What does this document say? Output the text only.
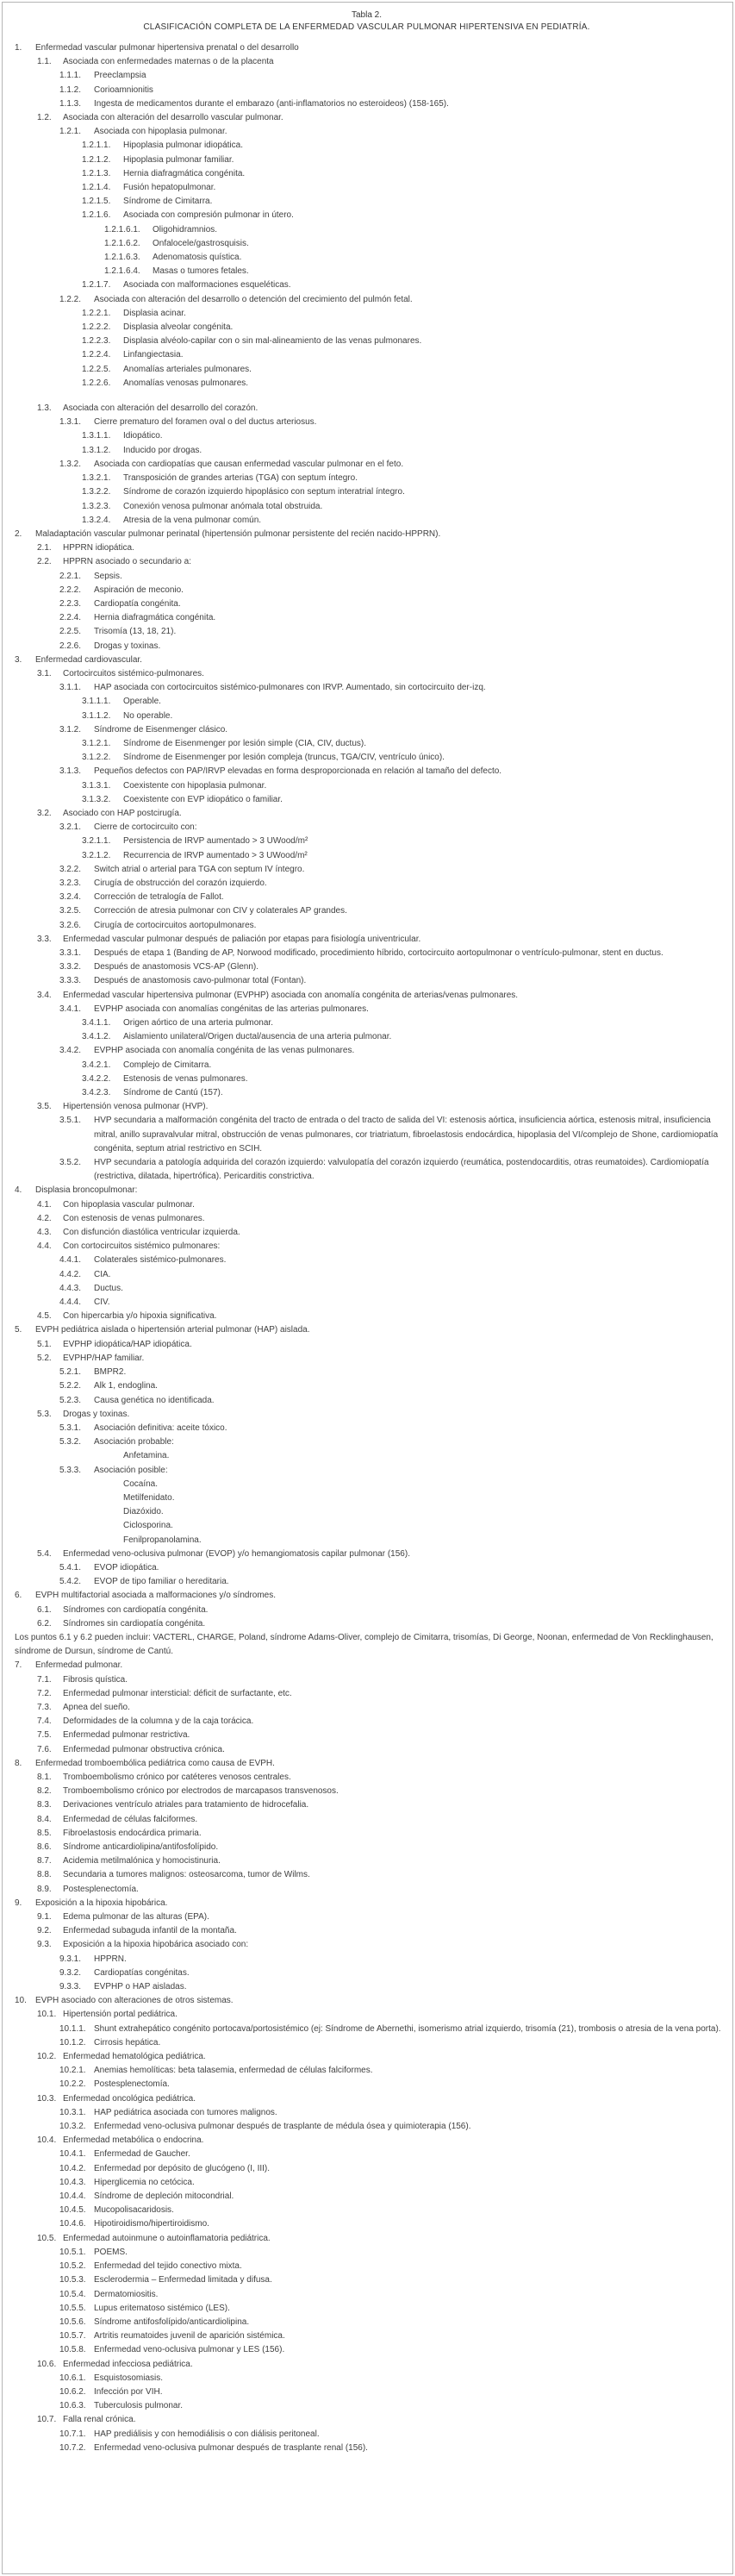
Tabla 2.
CLASIFICACIÓN COMPLETA DE LA ENFERMEDAD VASCULAR PULMONAR HIPERTENSIVA EN PEDIATRÍA.
1. Enfermedad vascular pulmonar hipertensiva prenatal o del desarrollo
1.1. Asociada con enfermedades maternas o de la placenta
1.1.1. Preeclampsia
1.1.2. Corioamnionitis
1.1.3. Ingesta de medicamentos durante el embarazo (anti-inflamatorios no esteroideos) (158-165).
1.2. Asociada con alteración del desarrollo vascular pulmonar.
1.2.1. Asociada con hipoplasia pulmonar.
1.2.1.1. Hipoplasia pulmonar idiopática.
1.2.1.2. Hipoplasia pulmonar familiar.
1.2.1.3. Hernia diafragmática congénita.
1.2.1.4. Fusión hepatopulmonar.
1.2.1.5. Síndrome de Cimitarra.
1.2.1.6. Asociada con compresión pulmonar in útero.
1.2.1.6.1. Oligohidramnios.
1.2.1.6.2. Onfalocele/gastrosquisis.
1.2.1.6.3. Adenomatosis quística.
1.2.1.6.4. Masas o tumores fetales.
1.2.1.7. Asociada con malformaciones esqueléticas.
1.2.2. Asociada con alteración del desarrollo o detención del crecimiento del pulmón fetal.
1.2.2.1. Displasia acinar.
1.2.2.2. Displasia alveolar congénita.
1.2.2.3. Displasia alvéolo-capilar con o sin mal-alineamiento de las venas pulmonares.
1.2.2.4. Linfangiectasia.
1.2.2.5. Anomalías arteriales pulmonares.
1.2.2.6. Anomalías venosas pulmonares.
1.3. Asociada con alteración del desarrollo del corazón.
1.3.1. Cierre prematuro del foramen oval o del ductus arteriosus.
1.3.1.1. Idiopático.
1.3.1.2. Inducido por drogas.
1.3.2. Asociada con cardiopatías que causan enfermedad vascular pulmonar en el feto.
1.3.2.1. Transposición de grandes arterias (TGA) con septum íntegro.
1.3.2.2. Síndrome de corazón izquierdo hipoplásico con septum interatrial íntegro.
1.3.2.3. Conexión venosa pulmonar anómala total obstruida.
1.3.2.4. Atresia de la vena pulmonar común.
2. Maladaptación vascular pulmonar perinatal (hipertensión pulmonar persistente del recién nacido-HPPRN).
2.1. HPPRN idiopática.
2.2. HPPRN asociado o secundario a:
2.2.1. Sepsis.
2.2.2. Aspiración de meconio.
2.2.3. Cardiopatía congénita.
2.2.4. Hernia diafragmática congénita.
2.2.5. Trisomía (13, 18, 21).
2.2.6. Drogas y toxinas.
3. Enfermedad cardiovascular.
3.1. Cortocircuitos sistémico-pulmonares.
3.1.1. HAP asociada con cortocircuitos sistémico-pulmonares con IRVP. Aumentado, sin cortocircuito der-izq.
3.1.1.1. Operable.
3.1.1.2. No operable.
3.1.2. Síndrome de Eisenmenger clásico.
3.1.2.1. Síndrome de Eisenmenger por lesión simple (CIA, CIV, ductus).
3.1.2.2. Síndrome de Eisenmenger por lesión compleja (truncus, TGA/CIV, ventrículo único).
3.1.3. Pequeños defectos con PAP/IRVP elevadas en forma desproporcionada en relación al tamaño del defecto.
3.1.3.1. Coexistente con hipoplasia pulmonar.
3.1.3.2. Coexistente con EVP idiopático o familiar.
3.2. Asociado con HAP postcirugía.
3.2.1. Cierre de cortocircuito con:
3.2.1.1. Persistencia de IRVP aumentado > 3 UWood/m²
3.2.1.2. Recurrencia de IRVP aumentado > 3 UWood/m²
3.2.2. Switch atrial o arterial para TGA con septum IV íntegro.
3.2.3. Cirugía de obstrucción del corazón izquierdo.
3.2.4. Corrección de tetralogía de Fallot.
3.2.5. Corrección de atresia pulmonar con CIV y colaterales AP grandes.
3.2.6. Cirugía de cortocircuitos aortopulmonares.
3.3. Enfermedad vascular pulmonar después de paliación por etapas para fisiología univentricular.
3.3.1. Después de etapa 1 (Banding de AP, Norwood modificado, procedimiento híbrido, cortocircuito aortopulmonar o ventrículo-pulmonar, stent en ductus.
3.3.2. Después de anastomosis VCS-AP (Glenn).
3.3.3. Después de anastomosis cavo-pulmonar total (Fontan).
3.4. Enfermedad vascular hipertensiva pulmonar (EVPHP) asociada con anomalía congénita de arterias/venas pulmonares.
3.4.1. EVPHP asociada con anomalías congénitas de las arterias pulmonares.
3.4.1.1. Origen aórtico de una arteria pulmonar.
3.4.1.2. Aislamiento unilateral/Origen ductal/ausencia de una arteria pulmonar.
3.4.2. EVPHP asociada con anomalía congénita de las venas pulmonares.
3.4.2.1. Complejo de Cimitarra.
3.4.2.2. Estenosis de venas pulmonares.
3.4.2.3. Síndrome de Cantú (157).
3.5. Hipertensión venosa pulmonar (HVP).
3.5.1. HVP secundaria a malformación congénita del tracto de entrada o del tracto de salida del VI: estenosis aórtica, insuficiencia aórtica, estenosis mitral, insuficiencia mitral, anillo supravalvular mitral, obstrucción de venas pulmonares, cor triatriatum, fibroelastosis endocárdica, hipoplasia del VI/complejo de Shone, cardiomiopatía congénita, septum atrial restrictivo en SCIH.
3.5.2. HVP secundaria a patología adquirida del corazón izquierdo: valvulopatía del corazón izquierdo (reumática, postendocarditis, otras reumatoides). Cardiomiopatía (restrictiva, dilatada, hipertrófica). Pericarditis constrictiva.
4. Displasia broncopulmonar:
4.1. Con hipoplasia vascular pulmonar.
4.2. Con estenosis de venas pulmonares.
4.3. Con disfunción diastólica ventricular izquierda.
4.4. Con cortocircuitos sistémico pulmonares:
4.4.1. Colaterales sistémico-pulmonares.
4.4.2. CIA.
4.4.3. Ductus.
4.4.4. CIV.
4.5. Con hipercarbia y/o hipoxia significativa.
5. EVPH pediátrica aislada o hipertensión arterial pulmonar (HAP) aislada.
5.1. EVPHP idiopática/HAP idiopática.
5.2. EVPHP/HAP familiar.
5.2.1. BMPR2.
5.2.2. Alk 1, endoglina.
5.2.3. Causa genética no identificada.
5.3. Drogas y toxinas.
5.3.1. Asociación definitiva: aceite tóxico.
5.3.2. Asociación probable:
Anfetamina.
5.3.3. Asociación posible:
Cocaína.
Metilfenidato.
Diazóxido.
Ciclosporina.
Fenilpropanolamina.
5.4. Enfermedad veno-oclusiva pulmonar (EVOP) y/o hemangiomatosis capilar pulmonar (156).
5.4.1. EVOP idiopática.
5.4.2. EVOP de tipo familiar o hereditaria.
6. EVPH multifactorial asociada a malformaciones y/o síndromes.
6.1. Síndromes con cardiopatía congénita.
6.2. Síndromes sin cardiopatía congénita.
Los puntos 6.1 y 6.2 pueden incluir: VACTERL, CHARGE, Poland, síndrome Adams-Oliver, complejo de Cimitarra, trisomías, Di George, Noonan, enfermedad de Von Recklinghausen, síndrome de Dursun, síndrome de Cantú.
7. Enfermedad pulmonar.
7.1. Fibrosis quística.
7.2. Enfermedad pulmonar intersticial: déficit de surfactante, etc.
7.3. Apnea del sueño.
7.4. Deformidades de la columna y de la caja torácica.
7.5. Enfermedad pulmonar restrictiva.
7.6. Enfermedad pulmonar obstructiva crónica.
8. Enfermedad tromboembólica pediátrica como causa de EVPH.
8.1. Tromboembolismo crónico por catéteres venosos centrales.
8.2. Tromboembolismo crónico por electrodos de marcapasos transvenosos.
8.3. Derivaciones ventrículo atriales para tratamiento de hidrocefalia.
8.4. Enfermedad de células falciformes.
8.5. Fibroelastosis endocárdica primaria.
8.6. Síndrome anticardiolipina/antifosfolípido.
8.7. Acidemia metilmalónica y homocistinuria.
8.8. Secundaria a tumores malignos: osteosarcoma, tumor de Wilms.
8.9. Postesplenectomía.
9. Exposición a la hipoxia hipobárica.
9.1. Edema pulmonar de las alturas (EPA).
9.2. Enfermedad subaguda infantil de la montaña.
9.3. Exposición a la hipoxia hipobárica asociado con:
9.3.1. HPPRN.
9.3.2. Cardiopatías congénitas.
9.3.3. EVPHP o HAP aisladas.
10. EVPH asociado con alteraciones de otros sistemas.
10.1. Hipertensión portal pediátrica.
10.1.1. Shunt extrahepático congénito portocava/portosistémico (ej: Síndrome de Abernethi, isomerismo atrial izquierdo, trisomía (21), trombosis o atresia de la vena porta).
10.1.2. Cirrosis hepática.
10.2. Enfermedad hematológica pediátrica.
10.2.1. Anemias hemolíticas: beta talasemia, enfermedad de células falciformes.
10.2.2. Postesplenectomía.
10.3. Enfermedad oncológica pediátrica.
10.3.1. HAP pediátrica asociada con tumores malignos.
10.3.2. Enfermedad veno-oclusiva pulmonar después de trasplante de médula ósea y quimioterapia (156).
10.4. Enfermedad metabólica o endocrina.
10.4.1. Enfermedad de Gaucher.
10.4.2. Enfermedad por depósito de glucógeno (I, III).
10.4.3. Hiperglicemia no cetócica.
10.4.4. Síndrome de depleción mitocondrial.
10.4.5. Mucopolisacaridosis.
10.4.6. Hipotiroidismo/hipertiroidismo.
10.5. Enfermedad autoinmune o autoinflamatoria pediátrica.
10.5.1. POEMS.
10.5.2. Enfermedad del tejido conectivo mixta.
10.5.3. Esclerodermia – Enfermedad limitada y difusa.
10.5.4. Dermatomiositis.
10.5.5. Lupus eritematoso sistémico (LES).
10.5.6. Síndrome antifosfolípido/anticardiolipina.
10.5.7. Artritis reumatoides juvenil de aparición sistémica.
10.5.8. Enfermedad veno-oclusiva pulmonar y LES (156).
10.6. Enfermedad infecciosa pediátrica.
10.6.1. Esquistosomiasis.
10.6.2. Infección por VIH.
10.6.3. Tuberculosis pulmonar.
10.7. Falla renal crónica.
10.7.1. HAP prediálisis y con hemodiálisis o con diálisis peritoneal.
10.7.2. Enfermedad veno-oclusiva pulmonar después de trasplante renal (156).
